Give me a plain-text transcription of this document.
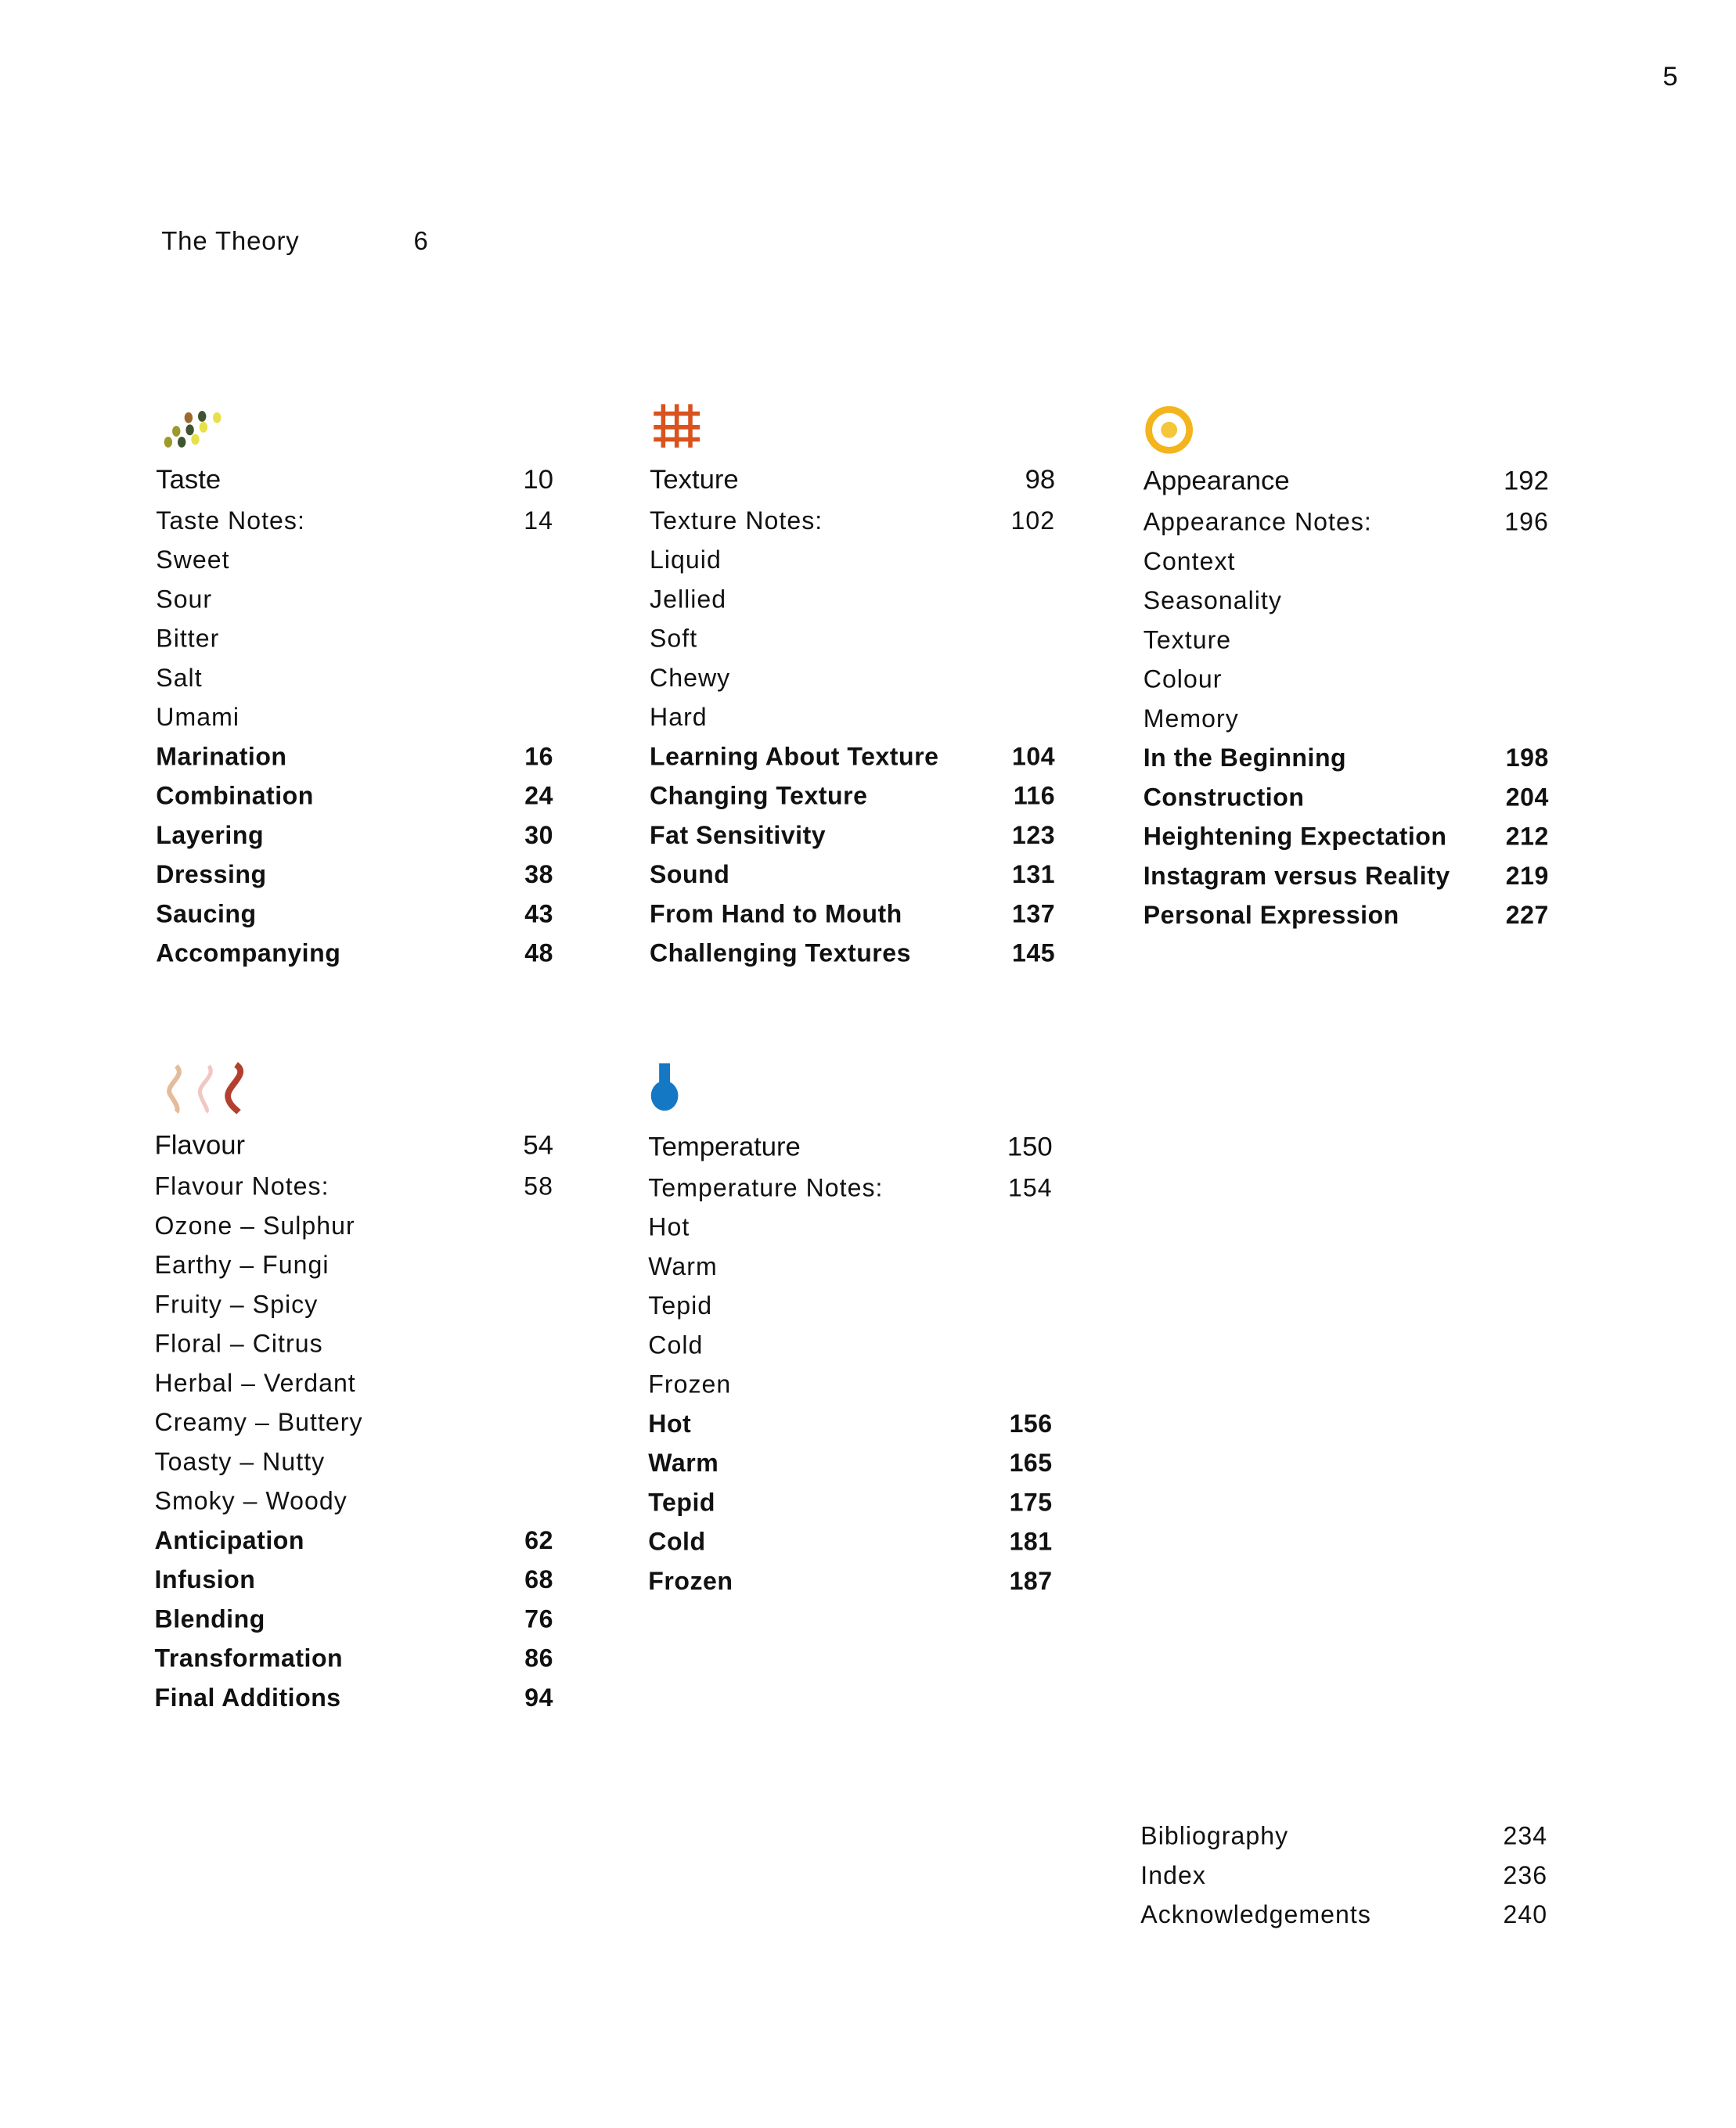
5
The Theory	6
Taste	10
Taste Notes:	14
Sweet
Sour
Bitter
Salt
Umami
Marination	16
Combination	24
Layering	30
Dressing	38
Saucing	43
Accompanying	48
Texture	98
Texture Notes:	102
Liquid
Jellied
Soft
Chewy
Hard
Learning About Texture	104
Changing Texture	116
Fat Sensitivity	123
Sound	131
From Hand to Mouth	137
Challenging Textures	145
Appearance	192
Appearance Notes:	196
Context
Seasonality
Texture
Colour
Memory
In the Beginning	198
Construction	204
Heightening Expectation	212
Instagram versus Reality	219
Personal Expression	227
Flavour	54
Flavour Notes:	58
Ozone – Sulphur
Earthy – Fungi
Fruity – Spicy
Floral – Citrus
Herbal – Verdant
Creamy – Buttery
Toasty – Nutty
Smoky – Woody
Anticipation	62
Infusion	68
Blending	76
Transformation	86
Final Additions	94
Temperature	150
Temperature Notes:	154
Hot
Warm
Tepid
Cold
Frozen
Hot	156
Warm	165
Tepid	175
Cold	181
Frozen	187
Bibliography	234
Index	236
Acknowledgements	240
